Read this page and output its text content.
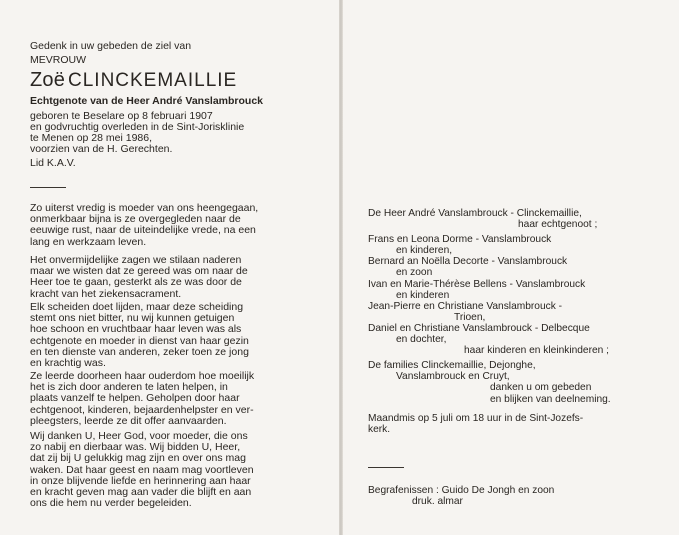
Gedenk in uw gebeden de ziel van
MEVROUW
Zoë CLINCKEMAILLIE
Echtgenote van de Heer André Vanslambrouck
geboren te Beselare op 8 februari 1907
en godvruchtig overleden in de Sint-Jorisklinie
te Menen op 28 mei 1986,
voorzien van de H. Gerechten.
Lid K.A.V.
Zo uiterst vredig is moeder van ons heengegaan,
onmerkbaar bijna is ze overgegleden naar de
eeuwige rust, naar de uiteindelijke vrede, na een
lang en werkzaam leven.
Het onvermijdelijke zagen we stilaan naderen
maar we wisten dat ze gereed was om naar de
Heer toe te gaan, gesterkt als ze was door de
kracht van het ziekensacrament.
Elk scheiden doet lijden, maar deze scheiding
stemt ons niet bitter, nu wij kunnen getuigen
hoe schoon en vruchtbaar haar leven was als
echtgenote en moeder in dienst van haar gezin
en ten dienste van anderen, zeker toen ze jong
en krachtig was.
Ze leerde doorheen haar ouderdom hoe moeilijk
het is zich door anderen te laten helpen, in
plaats vanzelf te helpen. Geholpen door haar
echtgenoot, kinderen, bejaardenhelpster en ver-
pleegsters, leerde ze dit offer aanvaarden.
Wij danken U, Heer God, voor moeder, die ons
zo nabij en dierbaar was. Wij bidden U, Heer,
dat zij bij U gelukkig mag zijn en over ons mag
waken. Dat haar geest en naam mag voortleven
in onze blijvende liefde en herinnering aan haar
en kracht geven mag aan vader die blijft en aan
ons die hem nu verder begeleiden.
De Heer André Vanslambrouck - Clinckemaillie,
haar echtgenoot ;
Frans en Leona Dorme - Vanslambrouck
en kinderen,
Bernard an Noëlla Decorte - Vanslambrouck
en zoon
Ivan en Marie-Thérèse Bellens - Vanslambrouck
en kinderen
Jean-Pierre en Christiane Vanslambrouck -
Trioen,
Daniel en Christiane Vanslambrouck - Delbecque
en dochter,
haar kinderen en kleinkinderen ;
De families Clinckemaillie, Dejonghe,
Vanslambrouck en Cruyt,
danken u om gebeden
en blijken van deelneming.
Maandmis op 5 juli om 18 uur in de Sint-Jozefs-
kerk.
Begrafenissen : Guido De Jongh en zoon
druk. almar
